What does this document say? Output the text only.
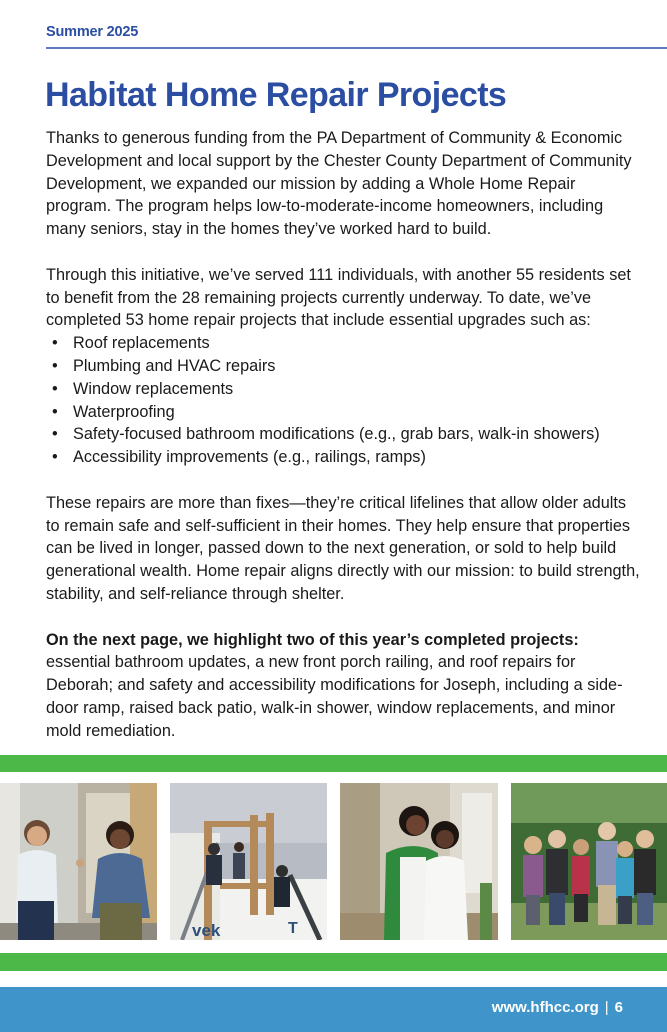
Summer 2025
Habitat Home Repair Projects

Thanks to generous funding from the PA Department of Community & Economic Development and local support by the Chester County Department of Community Development, we expanded our mission by adding a Whole Home Repair program. The program helps low-to-moderate-income homeowners, including many seniors, stay in the homes they’ve worked hard to build.

Through this initiative, we’ve served 111 individuals, with another 55 residents set to benefit from the 28 remaining projects currently underway. To date, we’ve completed 53 home repair projects that include essential upgrades such as:

• Roof replacements
• Plumbing and HVAC repairs
• Window replacements
• Waterproofing
• Safety-focused bathroom modifications (e.g., grab bars, walk-in showers)
• Accessibility improvements (e.g., railings, ramps)

These repairs are more than fixes—they’re critical lifelines that allow older adults to remain safe and self-sufficient in their homes. They help ensure that properties can be lived in longer, passed down to the next generation, or sold to help build generational wealth. Home repair aligns directly with our mission: to build strength, stability, and self-reliance through shelter.

On the next page, we highlight two of this year’s completed projects: essential bathroom updates, a new front porch railing, and roof repairs for Deborah; and safety and accessibility modifications for Joseph, including a side-door ramp, raised back patio, walk-in shower, window replacements, and minor mold remediation.

vek	T
www.hfhcc.org | 6
